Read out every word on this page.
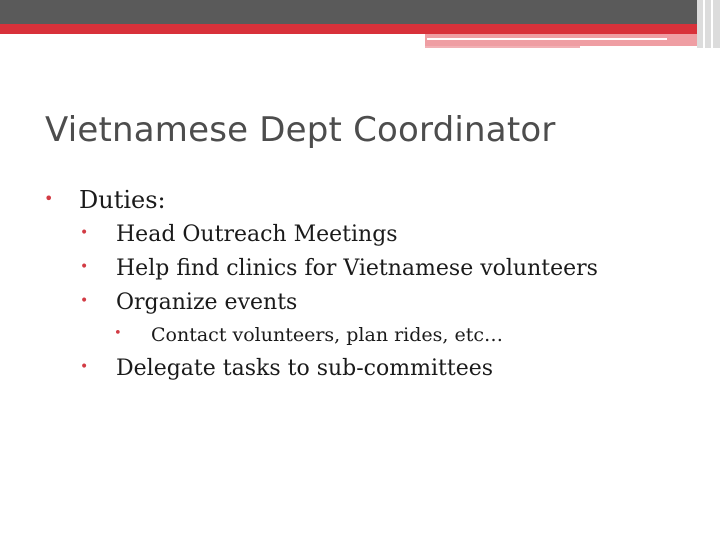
Vietnamese Dept Coordinator
• Duties:
• Head Outreach Meetings
• Help find clinics for Vietnamese volunteers
• Organize events
• Contact volunteers, plan rides, etc…
• Delegate tasks to sub-committees
